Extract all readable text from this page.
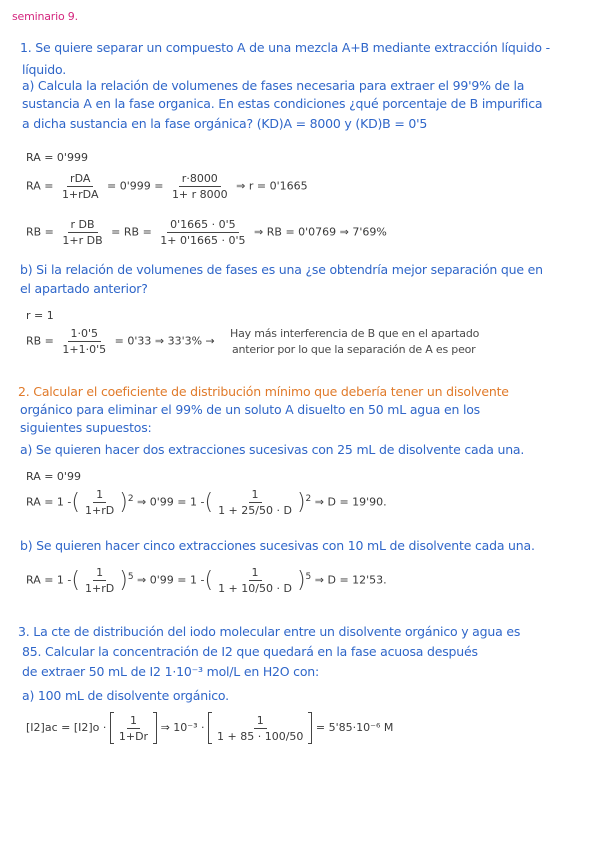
seminario 9.
1. Se quiere separar un compuesto A de una mezcla A+B mediante extracción líquido -
líquido.
a) Calcula la relación de volumenes de fases necesaria para extraer el 99'9% de la
sustancia A en la fase organica. En estas condiciones ¿qué porcentaje de B impurifica
a dicha sustancia en la fase orgánica? (KD)A = 8000 y (KD)B = 0'5
RA = 0'999
RA = $\frac{\text{rDA}}{\text{1+rDA}} = 0'999 = \frac{r\cdot 8000}{1+ r 8000}$ ⇒ r = 0'1665
RB = $\frac{\text{r DB}}{\text{1+r DB}}$ = RB = $\frac{0'1665 \cdot 0'5}{1+ 0'1665 \cdot 0'5}$ ⇒ RB = 0'0769 ⇒ 7'69%
b) Si la relación de volumenes de fases es una ¿se obtendría mejor separación que en
el apartado anterior?
r = 1
RB = $\frac{1\cdot 0'5}{1+1\cdot 0'5} = 0'33$ ⇒ 33'3% →
Hay más interferencia de B que en el apartado
anterior por lo que la separación de A es peor
2. Calcular el coeficiente de distribución mínimo que debería tener un disolvente
orgánico para eliminar el 99% de un soluto A disuelto en 50 mL agua en los
siguientes supuestos:
a) Se quieren hacer dos extracciones sucesivas con 25 mL de disolvente cada una.
RA = 0'99
RA = 1 -( $\frac{1}{1+rD} )^2$ ⇒ 0'99 = 1 -( $\frac{1}{1 + 25/50 \cdot D} )^2$ ⇒ D = 19'90.
b) Se quieren hacer cinco extracciones sucesivas con 10 mL de disolvente cada una.
RA = 1 -( $\frac{1}{1+rD} )^5$ ⇒ 0'99 = 1 -( $\frac{1}{1 + 10/50 \cdot D} )^5$ ⇒ D = 12'53.
3. La cte de distribución del iodo molecular entre un disolvente orgánico y agua es
85. Calcular la concentración de I2 que quedará en la fase acuosa después
de extraer 50 mL de I2 1·10⁻³ mol/L en H2O con:
a) 100 mL de disolvente orgánico.
$[I2]ac = [I2]o \cdot \frac{1}{1+Dr}$ ⇒ $10^{-3} \cdot \frac{1}{1 + 85 \cdot 100/50} = 5'85\cdot 10^{-6}$ M
